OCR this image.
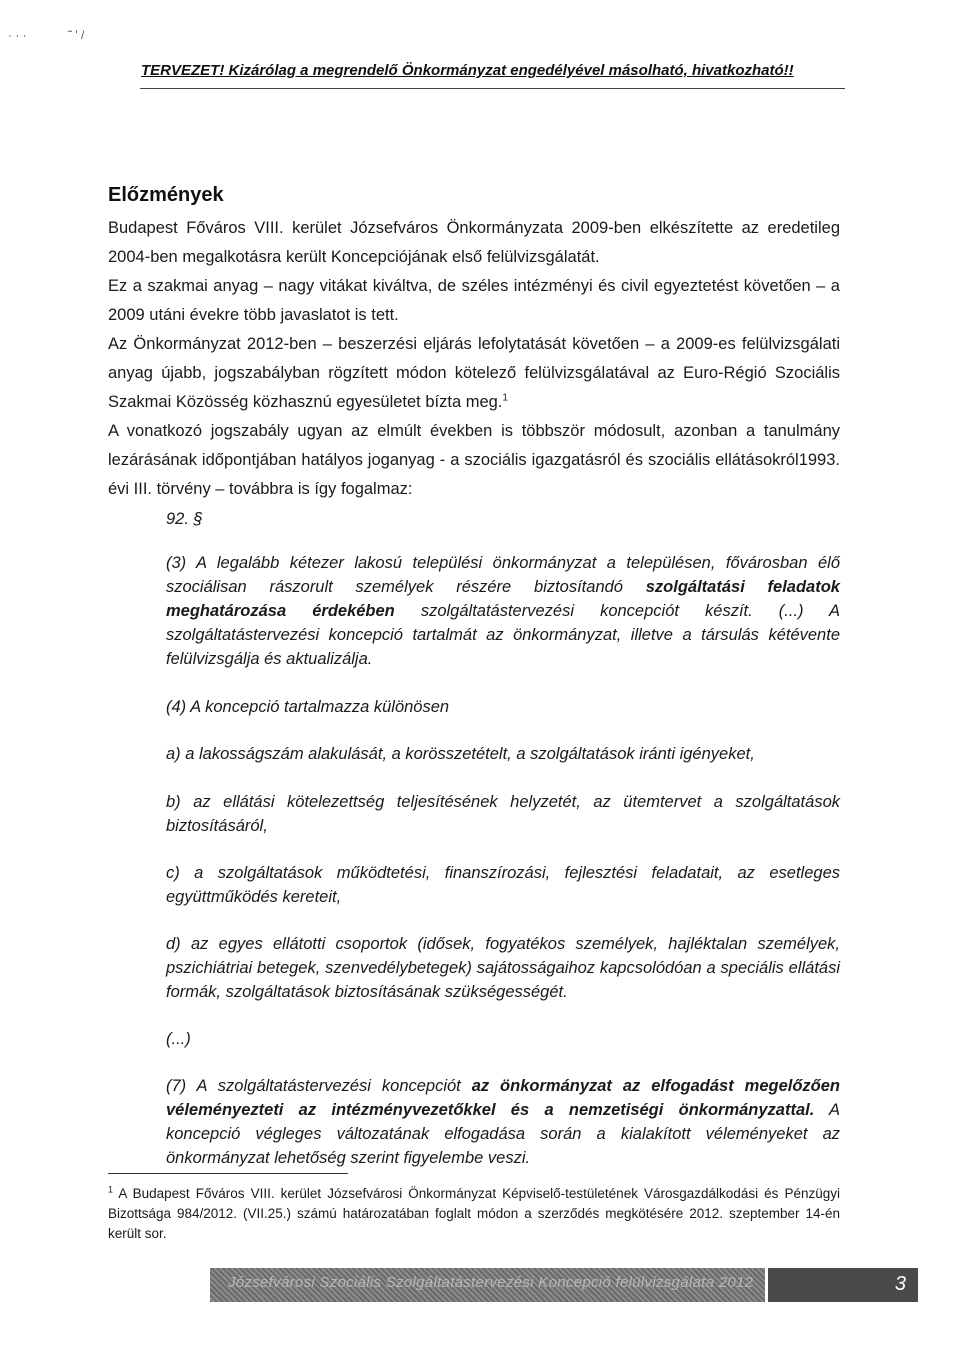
· · ·	˜ ' /
TERVEZET! Kizárólag a megrendelő Önkormányzat engedélyével másolható, hivatkozható!!
Előzmények

Budapest Főváros VIII. kerület Józsefváros Önkormányzata 2009-ben elkészítette az eredetileg 2004-ben megalkotásra került Koncepciójának első felülvizsgálatát.

Ez a szakmai anyag – nagy vitákat kiváltva, de széles intézményi és civil egyeztetést követően – a 2009 utáni évekre több javaslatot is tett.

Az Önkormányzat 2012-ben – beszerzési eljárás lefolytatását követően – a 2009-es felülvizsgálati anyag újabb, jogszabályban rögzített módon kötelező felülvizsgálatával az Euro-Régió Szociális Szakmai Közösség közhasznú egyesületet bízta meg.$^1$

A vonatkozó jogszabály ugyan az elmúlt években is többször módosult, azonban a tanulmány lezárásának időpontjában hatályos joganyag - a szociális igazgatásról és szociális ellátásokról1993. évi III. törvény – továbbra is így fogalmaz:

92. §

(3) A legalább kétezer lakosú települési önkormányzat a településen, fővárosban élő szociálisan rászorult személyek részére biztosítandó szolgáltatási feladatok meghatározása érdekében szolgáltatástervezési koncepciót készít. (...) A szolgáltatástervezési koncepció tartalmát az önkormányzat, illetve a társulás kétévente felülvizsgálja és aktualizálja.

(4) A koncepció tartalmazza különösen

a) a lakosságszám alakulását, a korösszetételt, a szolgáltatások iránti igényeket,

b) az ellátási kötelezettség teljesítésének helyzetét, az ütemtervet a szolgáltatások biztosításáról,

c) a szolgáltatások működtetési, finanszírozási, fejlesztési feladatait, az esetleges együttműködés kereteit,

d) az egyes ellátotti csoportok (idősek, fogyatékos személyek, hajléktalan személyek, pszichiátriai betegek, szenvedélybetegek) sajátosságaihoz kapcsolódóan a speciális ellátási formák, szolgáltatások biztosításának szükségességét.

(...)

(7) A szolgáltatástervezési koncepciót az önkormányzat az elfogadást megelőzően véleményezteti az intézményvezetőkkel és a nemzetiségi önkormányzattal. A koncepció végleges változatának elfogadása során a kialakított véleményeket az önkormányzat lehetőség szerint figyelembe veszi.

$^1$ A Budapest Főváros VIII. kerület Józsefvárosi Önkormányzat Képviselő-testületének Városgazdálkodási és Pénzügyi Bizottsága 984/2012. (VII.25.) számú határozatában foglalt módon a szerződés megkötésére 2012. szeptember 14-én került sor.
Józsefvárosi Szociális Szolgáltatástervezési Koncepció felülvizsgálata 2012	3
